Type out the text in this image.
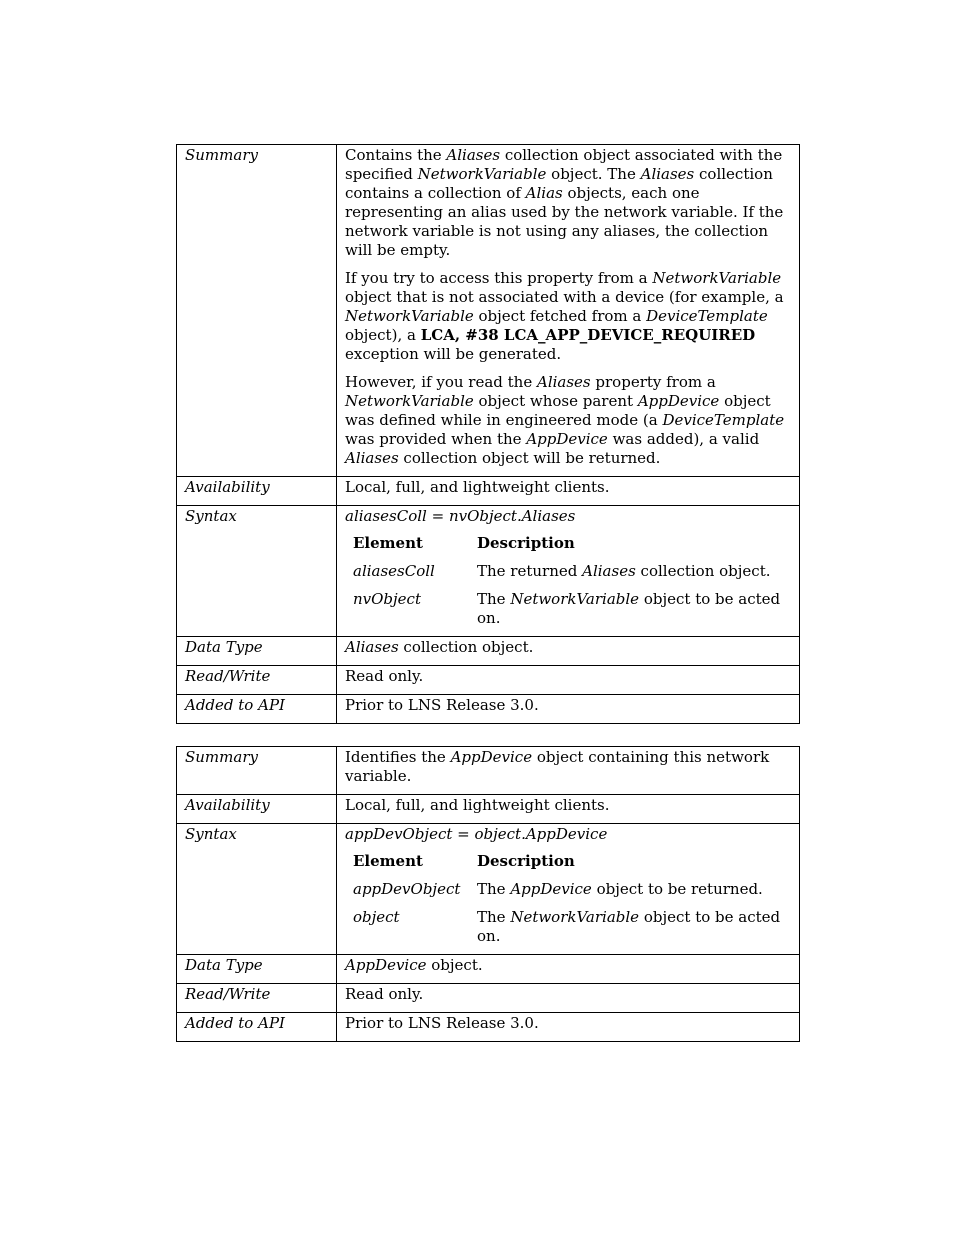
Summary	Contains the Aliases collection object associated with the specified NetworkVariable object. The Aliases collection contains a collection of Alias objects, each one representing an alias used by the network variable. If the network variable is not using any aliases, the collection will be empty.

If you try to access this property from a NetworkVariable object that is not associated with a device (for example, a NetworkVariable object fetched from a DeviceTemplate object), a LCA, #38 LCA_APP_DEVICE_REQUIRED exception will be generated.

However, if you read the Aliases property from a NetworkVariable object whose parent AppDevice object was defined while in engineered mode (a DeviceTemplate was provided when the AppDevice was added), a valid Aliases collection object will be returned.

Availability	Local, full, and lightweight clients.
Syntax	aliasesColl = nvObject.Aliases

Element	Description
aliasesColl	The returned Aliases collection object.
nvObject	The NetworkVariable object to be acted on.

Data Type	Aliases collection object.
Read/Write	Read only.
Added to API	Prior to LNS Release 3.0.
Summary	Identifies the AppDevice object containing this network variable.

Availability	Local, full, and lightweight clients.
Syntax	appDevObject = object.AppDevice

Element	Description
appDevObject	The AppDevice object to be returned.
object	The NetworkVariable object to be acted on.

Data Type	AppDevice object.
Read/Write	Read only.
Added to API	Prior to LNS Release 3.0.
